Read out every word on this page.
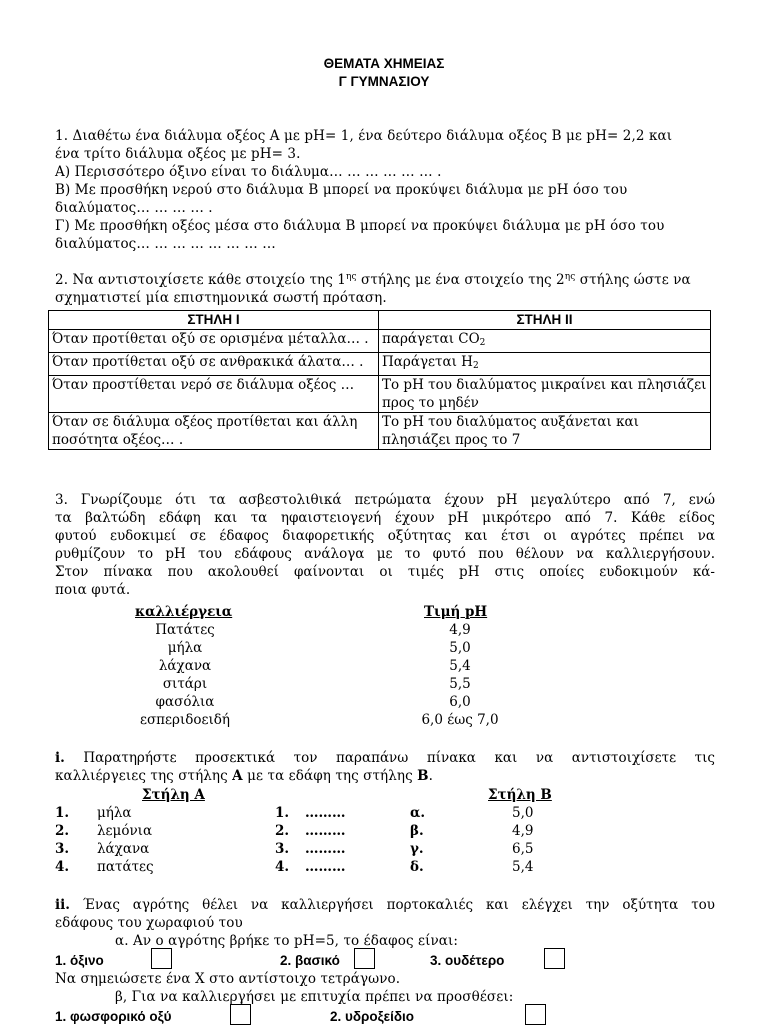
ΘΕΜΑΤΑ ΧΗΜΕΙΑΣ
Γ ΓΥΜΝΑΣΙΟΥ
1. Διαθέτω ένα διάλυμα οξέος Α με pH= 1, ένα δεύτερο διάλυμα οξέος Β με pH= 2,2 και
ένα τρίτο διάλυμα οξέος με pH= 3.
Α) Περισσότερο όξινο είναι το διάλυμα… … … … … … .
Β) Με προσθήκη νερού στο διάλυμα Β μπορεί να προκύψει διάλυμα με pH όσο του
διαλύματος… … … … .
Γ) Με προσθήκη οξέος μέσα στο διάλυμα Β μπορεί να προκύψει διάλυμα με pH όσο του
διαλύματος… … … … … … … …
2. Να αντιστοιχίσετε κάθε στοιχείο της $1^{\eta\varsigma}$ στήλης με ένα στοιχείο της $2^{\eta\varsigma}$ στήλης ώστε να
σχηματιστεί μία επιστημονικά σωστή πρόταση.
ΣΤΗΛΗ Ι	ΣΤΗΛΗ ΙΙ
Όταν προτίθεται οξύ σε ορισμένα μέταλλα… .	παράγεται $CO_2$
Όταν προτίθεται οξύ σε ανθρακικά άλατα… .	Παράγεται $H_2$
Όταν προστίθεται νερό σε διάλυμα οξέος …	Το pH του διαλύματος μικραίνει και πλησιάζει προς το μηδέν
Όταν σε διάλυμα οξέος προτίθεται και άλλη ποσότητα οξέος… .	Το pH του διαλύματος αυξάνεται και πλησιάζει προς το 7
3. Γνωρίζουμε ότι τα ασβεστολιθικά πετρώματα έχουν pH μεγαλύτερο από 7, ενώ
τα βαλτώδη εδάφη και τα ηφαιστειογενή έχουν pH μικρότερο από 7. Κάθε είδος
φυτού ευδοκιμεί σε έδαφος διαφορετικής οξύτητας και έτσι οι αγρότες πρέπει να
ρυθμίζουν το pH του εδάφους ανάλογα με το φυτό που θέλουν να καλλιεργήσουν.
Στον πίνακα που ακολουθεί φαίνονται οι τιμές pH στις οποίες ευδοκιμούν κά-
ποια φυτά.
καλλιέργεια	Τιμή pH
Πατάτες	4,9
μήλα	5,0
λάχανα	5,4
σιτάρι	5,5
φασόλια	6,0
εσπεριδοειδή	6,0 έως 7,0
i. Παρατηρήστε προσεκτικά τον παραπάνω πίνακα και να αντιστοιχίσετε τις
καλλιέργειες της στήλης Α με τα εδάφη της στήλης Β.
Στήλη Α	Στήλη Β
1. μήλα	1. ………	α.	5,0
2. λεμόνια	2. ………	β.	4,9
3. λάχανα	3. ………	γ.	6,5
4. πατάτες	4. ………	δ.	5,4
ii. Ένας αγρότης θέλει να καλλιεργήσει πορτοκαλιές και ελέγχει την οξύτητα του
εδάφους του χωραφιού του
α. Αν ο αγρότης βρήκε το pH=5, το έδαφος είναι:
1. όξινο	2. βασικό	3. ουδέτερο
Να σημειώσετε ένα Χ στο αντίστοιχο τετράγωνο.
β, Για να καλλιεργήσει με επιτυχία πρέπει να προσθέσει:
1. φωσφορικό οξύ	2. υδροξείδιο
